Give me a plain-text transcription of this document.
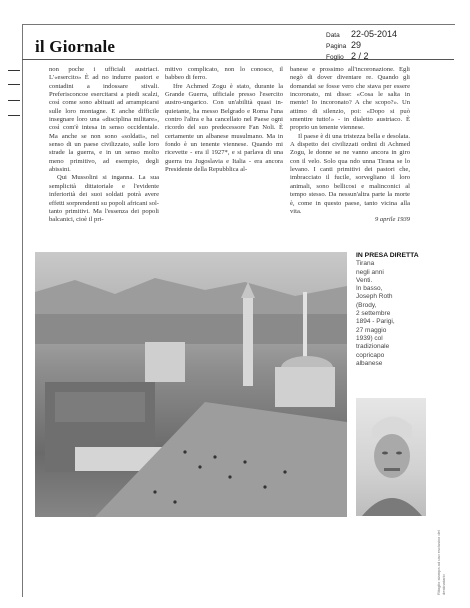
il Giornale
Data 22-05-2014
Pagina 29
Foglio 2 / 2

non poche i ufficiali austriaci. L'«esercito» È ad no indurre pastori e contadini a indossare stivali. Preferisconcoe esercitarsi a piedi scalzi, così come sono abituati ad arrampicarsi sulle loro montagne. E anche difficile insegnare loro una «disciplina militare», così com'è intesa in senso occidentale. Ma anche se non sono «soldati», nel senso di un paese civilizzato, sulle loro strade la guerra, e in un senso molto meno primitivo, ad esempio, degli abissini.

Qui Mussolini si inganna. La sua semplicità dittatoriale e l'evidente inferiorità dei suoi soldati potrà avere effetti sorprendenti su popoli africani soltanto primitivi. Ma l'essenza dei popoli balcanici, cioè il pri-

mitivo complicato, non lo conosce, il babbeo di ferro.

Ifre Achmed Zogu è stato, durante la Grande Guerra, ufficiale presso l'esercito austro-ungarico. Con un'abilità quasi inquietante, ha messo Belgrado e Roma l'una contro l'altra e ha cancellato nel Paese ogni ricordo del suo predecessore Fan Noli. È certamente un albanese musulmano. Ma in fondo è un tenente viennese. Quando mi ricevette - era il 1927*, e si parlava di una guerra tra Jugoslavia e Italia - era ancora Presidente della Repubblica al-

banese e prossimo all'incoronazione. Egli negò di dover diventare re. Quando gli domandai se fosse vero che stava per essere incoronato, mi disse: «Cosa le salta in mente! Io incoronato? A che scopo?». Un attimo di silenzio, poi: «Dopo si può smentire tutto!» - in dialetto austriaco. È proprio un tenente viennese.

Il paese è di una tristezza bella e desolata. A dispetto dei civilizzati ordini di Achmed Zogu, le donne se ne vanno ancora in giro con il velo. Solo qua ndo unna Tirana se lo levano. I canti primitivi dei pastori che, imbracciato il fucile, sorvegliano il loro animali, sono bellicosi e malinconici al tempo stesso. Da nessun'altra parte la morte è, come in questo paese, tanto vicina alla vita.

9 aprile 1939

IN PRESA DIRETTA
Tirana
negli anni
Venti.
In basso,
Joseph Roth
(Brody,
2 settembre
1894 - Parigi,
27 maggio
1939) col
tradizionale
copricapo
albanese
Ritaglio stampa ad uso esclusivo del destinatario
